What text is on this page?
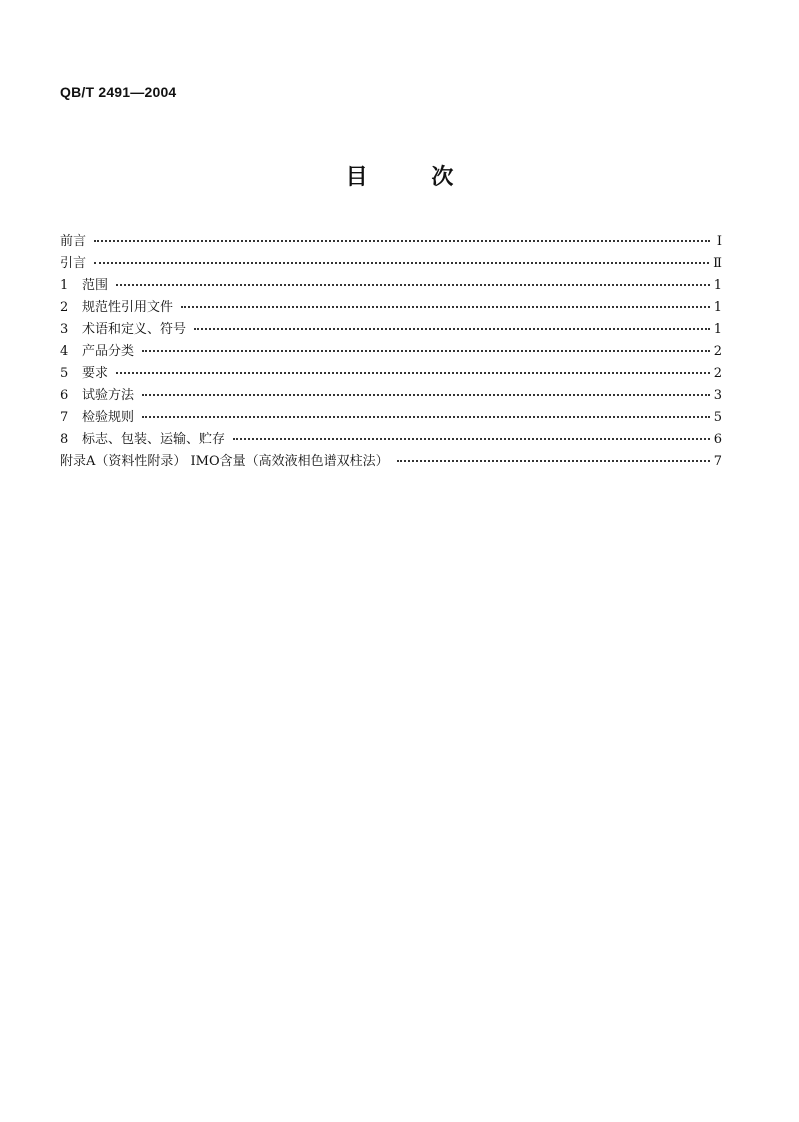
QB/T 2491—2004
目 次
前言	I
引言	Ⅱ
1	范围	1
2	规范性引用文件	1
3	术语和定义、符号	1
4	产品分类	2
5	要求	2
6	试验方法	3
7	检验规则	5
8	标志、包装、运输、贮存	6
附录A（资料性附录） IMO含量（高效液相色谱双柱法）	7
